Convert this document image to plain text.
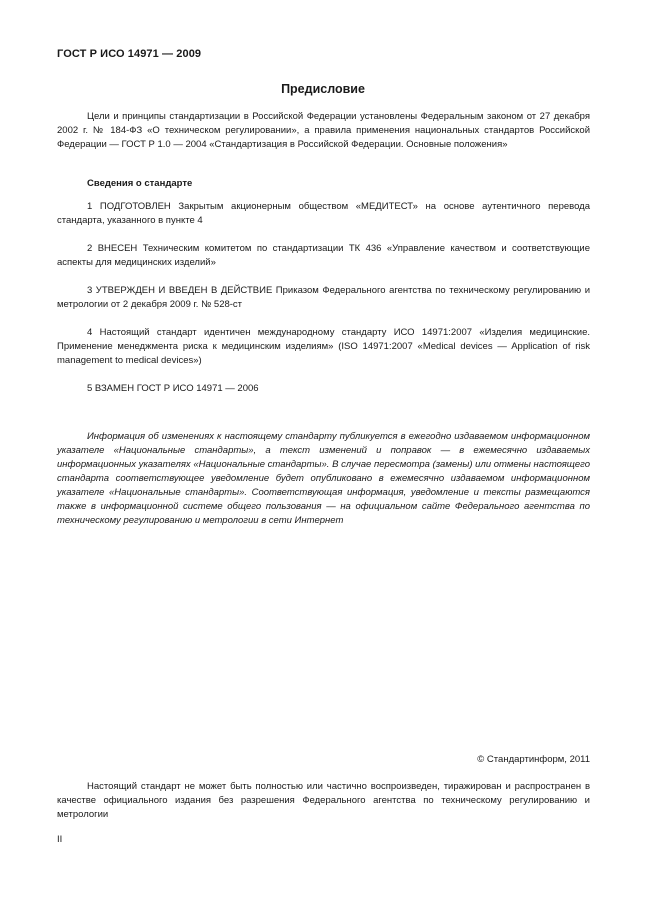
ГОСТ Р ИСО 14971 — 2009
Предисловие

Цели и принципы стандартизации в Российской Федерации установлены Федеральным законом от 27 декабря 2002 г. № 184-ФЗ «О техническом регулировании», а правила применения национальных стандартов Российской Федерации — ГОСТ Р 1.0 — 2004 «Стандартизация в Российской Федерации. Основные положения»

Сведения о стандарте

1 ПОДГОТОВЛЕН Закрытым акционерным обществом «МЕДИТЕСТ» на основе аутентичного перевода стандарта, указанного в пункте 4

2 ВНЕСЕН Техническим комитетом по стандартизации ТК 436 «Управление качеством и соответствующие аспекты для медицинских изделий»

3 УТВЕРЖДЕН И ВВЕДЕН В ДЕЙСТВИЕ Приказом Федерального агентства по техническому регулированию и метрологии от 2 декабря 2009 г. № 528-ст

4 Настоящий стандарт идентичен международному стандарту ИСО 14971:2007 «Изделия медицинские. Применение менеджмента риска к медицинским изделиям» (ISO 14971:2007 «Medical devices — Application of risk management to medical devices»)

5 ВЗАМЕН ГОСТ Р ИСО 14971 — 2006

Информация об изменениях к настоящему стандарту публикуется в ежегодно издаваемом информационном указателе «Национальные стандарты», а текст изменений и поправок — в ежемесячно издаваемых информационных указателях «Национальные стандарты». В случае пересмотра (замены) или отмены настоящего стандарта соответствующее уведомление будет опубликовано в ежемесячно издаваемом информационном указателе «Национальные стандарты». Соответствующая информация, уведомление и тексты размещаются также в информационной системе общего пользования — на официальном сайте Федерального агентства по техническому регулированию и метрологии в сети Интернет

© Стандартинформ, 2011

Настоящий стандарт не может быть полностью или частично воспроизведен, тиражирован и распространен в качестве официального издания без разрешения Федерального агентства по техническому регулированию и метрологии

II
